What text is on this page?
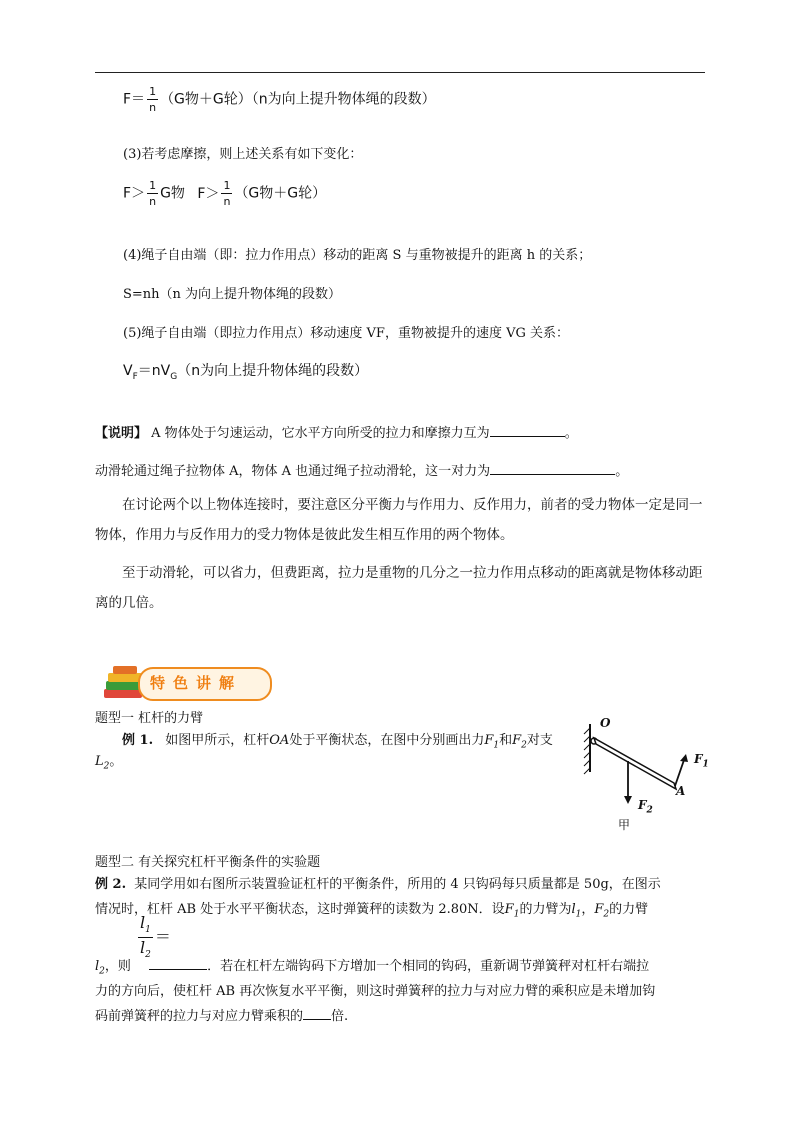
$F= \frac{1}{n} (G$物＋G轮）（n为向上提升物体绳的段数）
(3)若考虑摩擦，则上述关系有如下变化：
$F> \frac{1}{n}$ G物 $F> \frac{1}{n} (G$物＋G轮）
(4)绳子自由端（即：拉力作用点）移动的距离 S 与重物被提升的距离 h 的关系；
S=nh（n 为向上提升物体绳的段数）
(5)绳子自由端（即拉力作用点）移动速度 VF，重物被提升的速度 VG 关系：
$V_F=nV_G(n$为向上提升物体绳的段数）
【说明】 A 物体处于匀速运动，它水平方向所受的拉力和摩擦力互为	。
动滑轮通过绳子拉物体 A，物体 A 也通过绳子拉动滑轮，这一对力为	。
在讨论两个以上物体连接时，要注意区分平衡力与作用力、反作用力，前者的受力物体一定是同一物体，作用力与反作用力的受力物体是彼此发生相互作用的两个物体。
至于动滑轮，可以省力，但费距离，拉力是重物的几分之一拉力作用点移动的距离就是物体移动距离的几倍。
特色讲解
题型一 杠杆的力臂
例 1. 如图甲所示，杠杆OA处于平衡状态，在图中分别画出力$F_1$和$F_2$对支
$L_2$。
O
A
$F_1$
$F_2$
甲
题型二 有关探究杠杆平衡条件的实验题
例 2. 某同学用如右图所示装置验证杠杆的平衡条件，所用的 4 只钩码每只质量都是 50g，在图示
情况时，杠杆 AB 处于水平平衡状态，这时弹簧秤的读数为 2.80N．设$F_1$的力臂为$l_1$，$F_2$的力臂
$\frac{l_1}{l_2}$ ＝
$l_2$，则	．若在杠杆左端钩码下方增加一个相同的钩码，重新调节弹簧秤对杠杆右端拉
力的方向后，使杠杆 AB 再次恢复水平平衡，则这时弹簧秤的拉力与对应力臂的乘积应是未增加钩
码前弹簧秤的拉力与对应力臂乘积的 倍.
